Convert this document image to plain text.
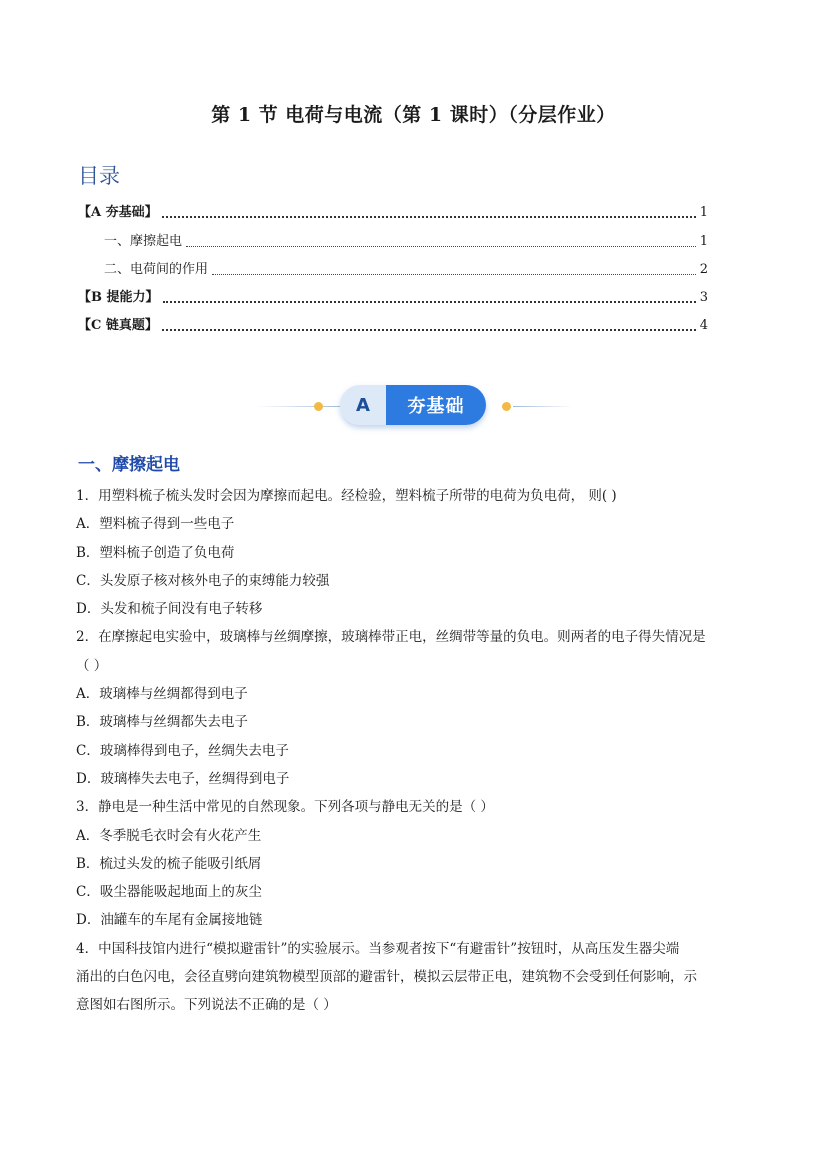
第 1 节 电荷与电流（第 1 课时）（分层作业）
目录
【A 夯基础】	1
一、摩擦起电	1
二、电荷间的作用	2
【B 提能力】	3
【C 链真题】	4
A	夯基础
一、摩擦起电

1．用塑料梳子梳头发时会因为摩擦而起电。经检验，塑料梳子所带的电荷为负电荷， 则( )

A．塑料梳子得到一些电子

B．塑料梳子创造了负电荷

C．头发原子核对核外电子的束缚能力较强

D．头发和梳子间没有电子转移

2．在摩擦起电实验中，玻璃棒与丝绸摩擦，玻璃棒带正电，丝绸带等量的负电。则两者的电子得失情况是

（ ）

A．玻璃棒与丝绸都得到电子

B．玻璃棒与丝绸都失去电子

C．玻璃棒得到电子，丝绸失去电子

D．玻璃棒失去电子，丝绸得到电子

3．静电是一种生活中常见的自然现象。下列各项与静电无关的是（ ）

A．冬季脱毛衣时会有火花产生

B．梳过头发的梳子能吸引纸屑

C．吸尘器能吸起地面上的灰尘

D．油罐车的车尾有金属接地链

4．中国科技馆内进行“模拟避雷针”的实验展示。当参观者按下“有避雷针”按钮时，从高压发生器尖端

涌出的白色闪电，会径直劈向建筑物模型顶部的避雷针，模拟云层带正电，建筑物不会受到任何影响，示

意图如右图所示。下列说法不正确的是（ ）
